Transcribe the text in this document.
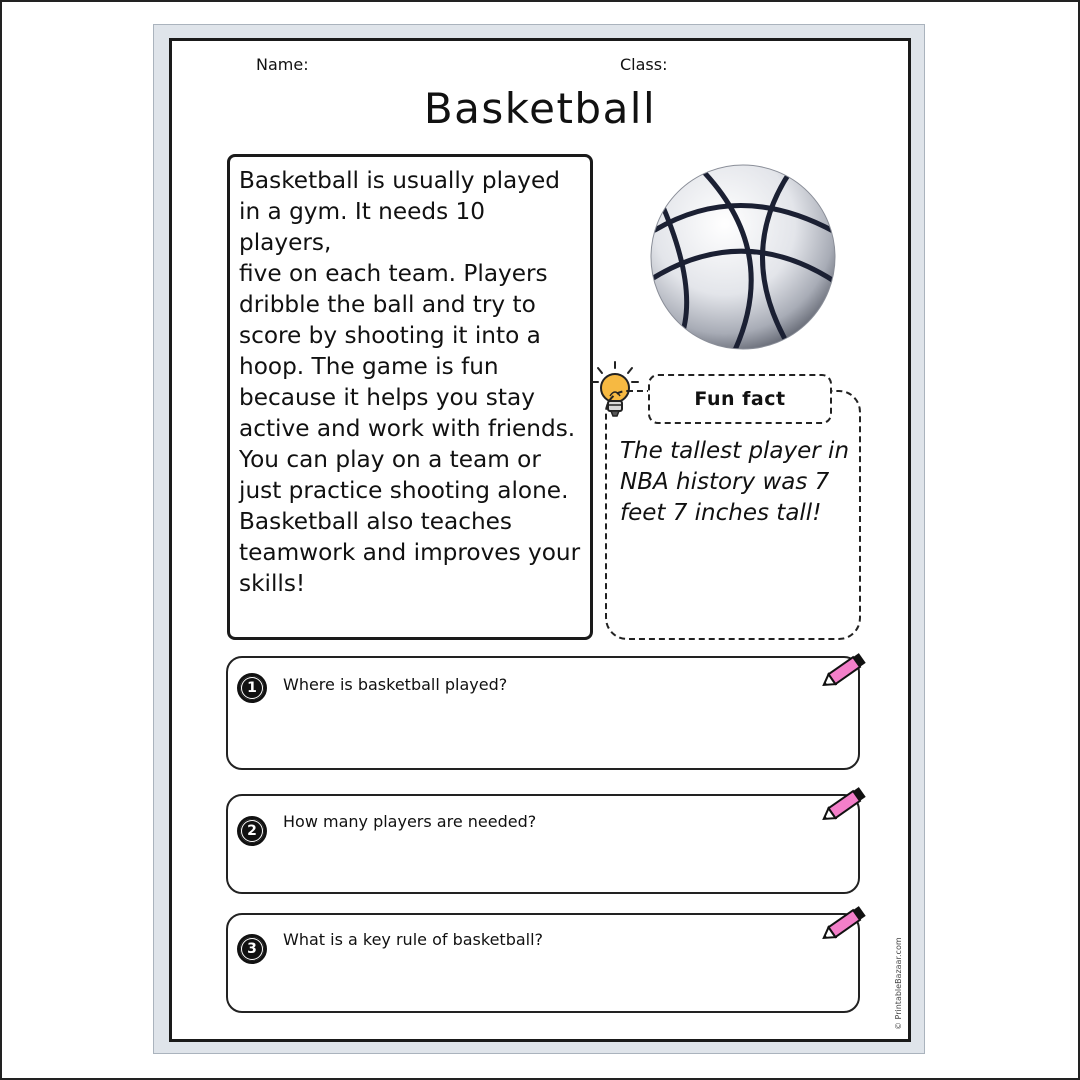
Name:	Class:
Basketball

Basketball is usually played
in a gym. It needs 10 players,
five on each team. Players
dribble the ball and try to
score by shooting it into a
hoop. The game is fun
because it helps you stay
active and work with friends.
You can play on a team or
just practice shooting alone.
Basketball also teaches
teamwork and improves your
skills!

Fun fact
The tallest player in
NBA history was 7
feet 7 inches tall!
1	Where is basketball played?
2	How many players are needed?
3	What is a key rule of basketball?	© PrintableBazaar.com
